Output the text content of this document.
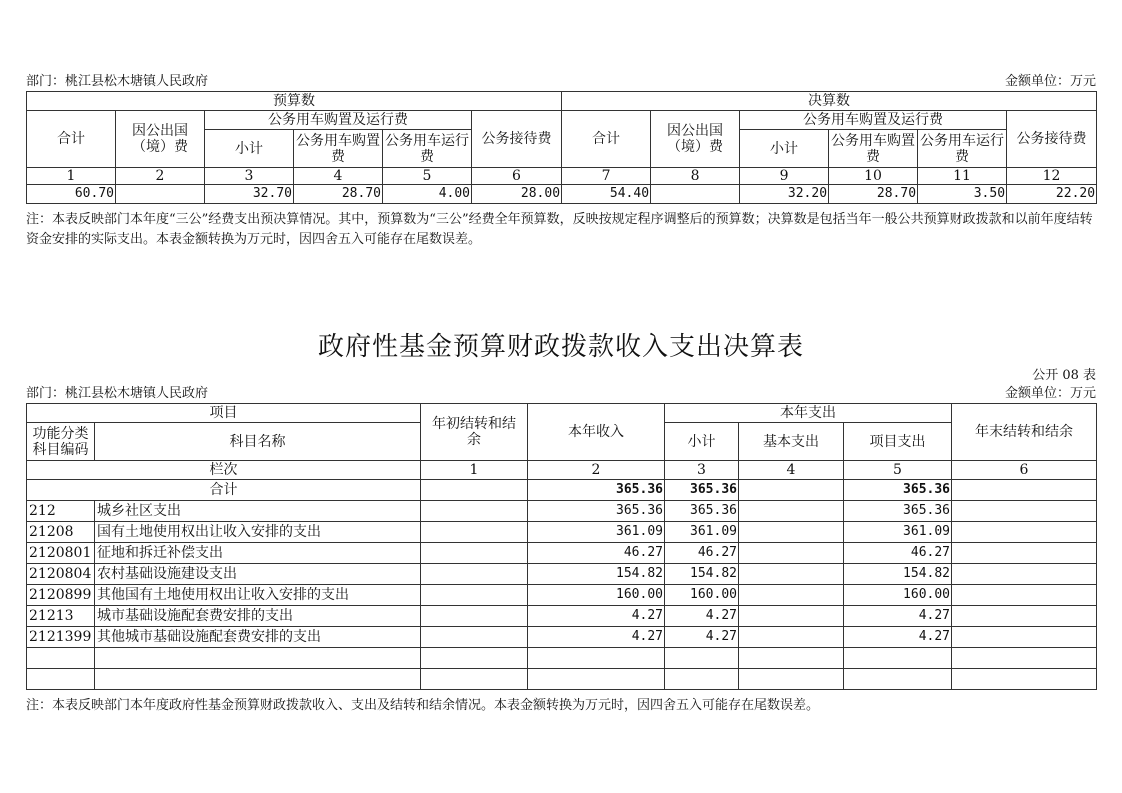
部门：桃江县松木塘镇人民政府	金额单位：万元
预算数						决算数					
合计	因公出国（境）费	公务用车购置及运行费			公务接待费	合计	因公出国（境）费	公务用车购置及运行费			公务接待费
		小计	公务用车购置费	公务用车运行费				小计	公务用车购置费	公务用车运行费	
1	2	3	4	5	6	7	8	9	10	11	12
60.70		32.70	28.70	4.00	28.00	54.40		32.20	28.70	3.50	22.20
注：本表反映部门本年度“三公”经费支出预决算情况。其中，预算数为“三公”经费全年预算数，反映按规定程序调整后的预算数；决算数是包括当年一般公共预算财政拨款和以前年度结转资金安排的实际支出。本表金额转换为万元时，因四舍五入可能存在尾数误差。
政府性基金预算财政拨款收入支出决算表
公开 08 表
部门：桃江县松木塘镇人民政府	金额单位：万元
项目		年初结转和结余	本年收入	本年支出			年末结转和结余
功能分类科目编码	科目名称			小计	基本支出	项目支出	
栏次		1	2	3	4	5	6
合计			365.36	365.36		365.36	
212	城乡社区支出		365.36	365.36		365.36	
21208	国有土地使用权出让收入安排的支出		361.09	361.09		361.09	
2120801	征地和拆迁补偿支出		46.27	46.27		46.27	
2120804	农村基础设施建设支出		154.82	154.82		154.82	
2120899	其他国有土地使用权出让收入安排的支出		160.00	160.00		160.00	
21213	城市基础设施配套费安排的支出		4.27	4.27		4.27	
2121399	其他城市基础设施配套费安排的支出		4.27	4.27		4.27	

注：本表反映部门本年度政府性基金预算财政拨款收入、支出及结转和结余情况。本表金额转换为万元时，因四舍五入可能存在尾数误差。
